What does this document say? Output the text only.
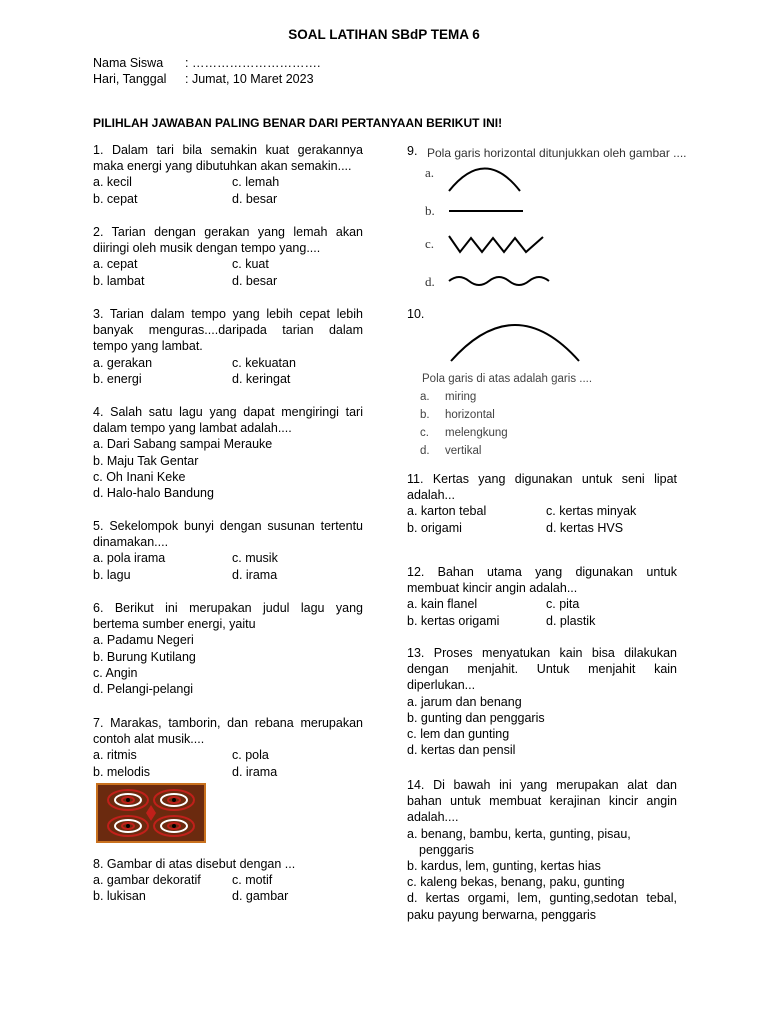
SOAL LATIHAN SBdP TEMA 6
Nama Siswa : ………………………….
Hari, Tanggal : Jumat, 10 Maret 2023
PILIHLAH JAWABAN PALING BENAR DARI PERTANYAAN BERIKUT INI!
1. Dalam tari bila semakin kuat gerakannya maka energi yang dibutuhkan akan semakin....
a. kecil	c. lemah
b. cepat	d. besar
2. Tarian dengan gerakan yang lemah akan diiringi oleh musik dengan tempo yang....
a. cepat	c. kuat
b. lambat	d. besar
3. Tarian dalam tempo yang lebih cepat lebih banyak menguras....daripada tarian dalam tempo yang lambat.
a. gerakan	c. kekuatan
b. energi	d. keringat
4. Salah satu lagu yang dapat mengiringi tari dalam tempo yang lambat adalah....
a. Dari Sabang sampai Merauke
b. Maju Tak Gentar
c. Oh Inani Keke
d. Halo-halo Bandung
5. Sekelompok bunyi dengan susunan tertentu dinamakan....
a. pola irama	c. musik
b. lagu	d. irama
6. Berikut ini merupakan judul lagu yang bertema sumber energi, yaitu
a. Padamu Negeri
b. Burung Kutilang
c. Angin
d. Pelangi-pelangi
7. Marakas, tamborin, dan rebana merupakan contoh alat musik....
a. ritmis	c. pola
b. melodis	d. irama
8. Gambar di atas disebut dengan ...
a. gambar dekoratif	c. motif
b. lukisan	d. gambar
9. Pola garis horizontal ditunjukkan oleh gambar ....
a.
b.
c.
d.
10.
Pola garis di atas adalah garis ....
a. miring
b. horizontal
c. melengkung
d. vertikal
11. Kertas yang digunakan untuk seni lipat adalah...
a. karton tebal	c. kertas minyak
b. origami	d. kertas HVS
12. Bahan utama yang digunakan untuk membuat kincir angin adalah...
a. kain flanel	c. pita
b. kertas origami	d. plastik
13. Proses menyatukan kain bisa dilakukan dengan menjahit. Untuk menjahit kain diperlukan...
a. jarum dan benang
b. gunting dan penggaris
c. lem dan gunting
d. kertas dan pensil
14. Di bawah ini yang merupakan alat dan bahan untuk membuat kerajinan kincir angin adalah....
a. benang, bambu, kerta, gunting, pisau,
penggaris
b. kardus, lem, gunting, kertas hias
c. kaleng bekas, benang, paku, gunting
d. kertas orgami, lem, gunting,sedotan tebal, paku payung berwarna, penggaris
